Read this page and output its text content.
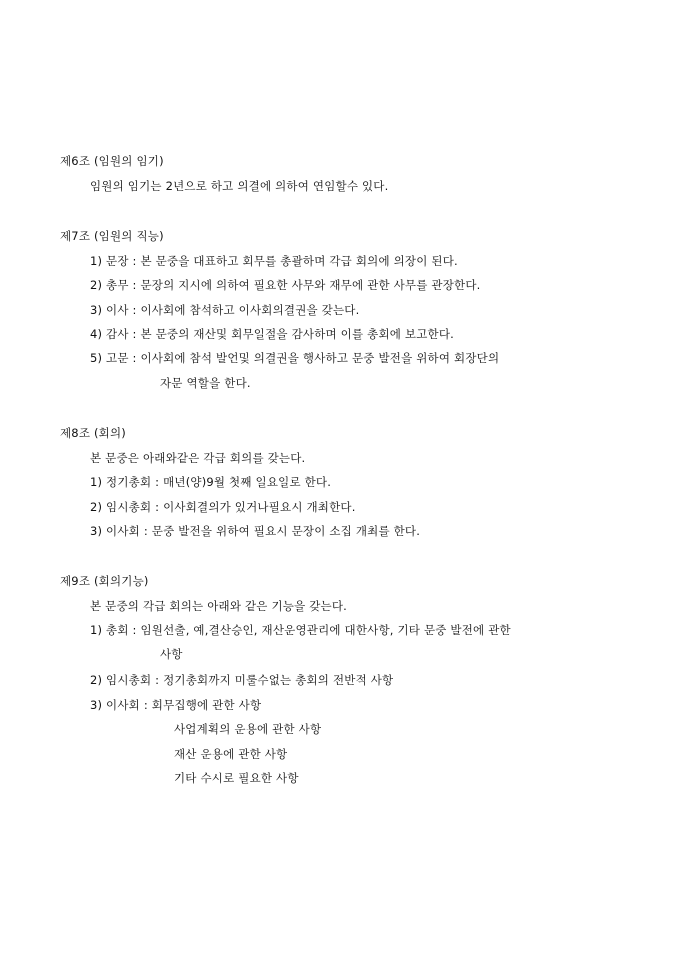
제6조 (임원의 임기)
임원의 임기는 2년으로 하고 의결에 의하여 연임할수 있다.
제7조 (임원의 직능)
1) 문장 : 본 문중을 대표하고 회무를 총괄하며 각급 회의에 의장이 된다.
2) 총무 : 문장의 지시에 의하여 필요한 사무와 재무에 관한 사무를 관장한다.
3) 이사 : 이사회에 참석하고 이사회의결권을 갖는다.
4) 감사 : 본 문중의 재산및 회무일절을 감사하며 이를 총회에 보고한다.
5) 고문 : 이사회에 참석 발언및 의결권을 행사하고 문중 발전을 위하여 회장단의
자문 역할을 한다.
제8조 (회의)
본 문중은 아래와같은 각급 회의를 갖는다.
1) 정기총회 : 매년(양)9월 첫째 일요일로 한다.
2) 임시총회 : 이사회결의가 있거나필요시 개최한다.
3) 이사회 : 문중 발전을 위하여 필요시 문장이 소집 개최를 한다.
제9조 (회의기능)
본 문중의 각급 회의는 아래와 같은 기능을 갖는다.
1) 총회 : 임원선출, 예,결산승인, 재산운영관리에 대한사항, 기타 문중 발전에 관한
사항
2) 임시총회 : 정기총회까지 미룰수없는 총회의 전반적 사항
3) 이사회 : 회무집행에 관한 사항
사업계획의 운용에 관한 사항
재산 운용에 관한 사항
기타 수시로 필요한 사항
